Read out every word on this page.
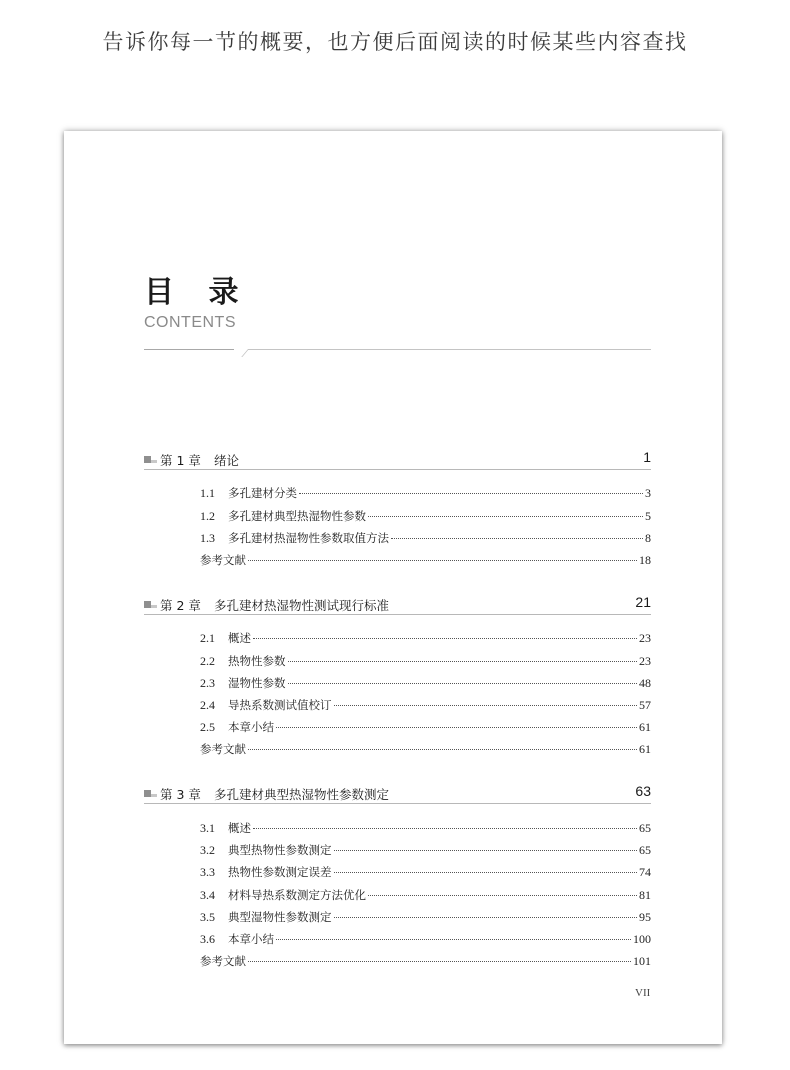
告诉你每一节的概要，也方便后面阅读的时候某些内容查找
目 录
CONTENTS
第 1 章 绪论	1
1.1	多孔建材分类	3
1.2	多孔建材典型热湿物性参数	5
1.3	多孔建材热湿物性参数取值方法	8
参考文献	18
第 2 章 多孔建材热湿物性测试现行标准	21
2.1	概述	23
2.2	热物性参数	23
2.3	湿物性参数	48
2.4	导热系数测试值校订	57
2.5	本章小结	61
参考文献	61
第 3 章 多孔建材典型热湿物性参数测定	63
3.1	概述	65
3.2	典型热物性参数测定	65
3.3	热物性参数测定误差	74
3.4	材料导热系数测定方法优化	81
3.5	典型湿物性参数测定	95
3.6	本章小结	100
参考文献	101
VII
